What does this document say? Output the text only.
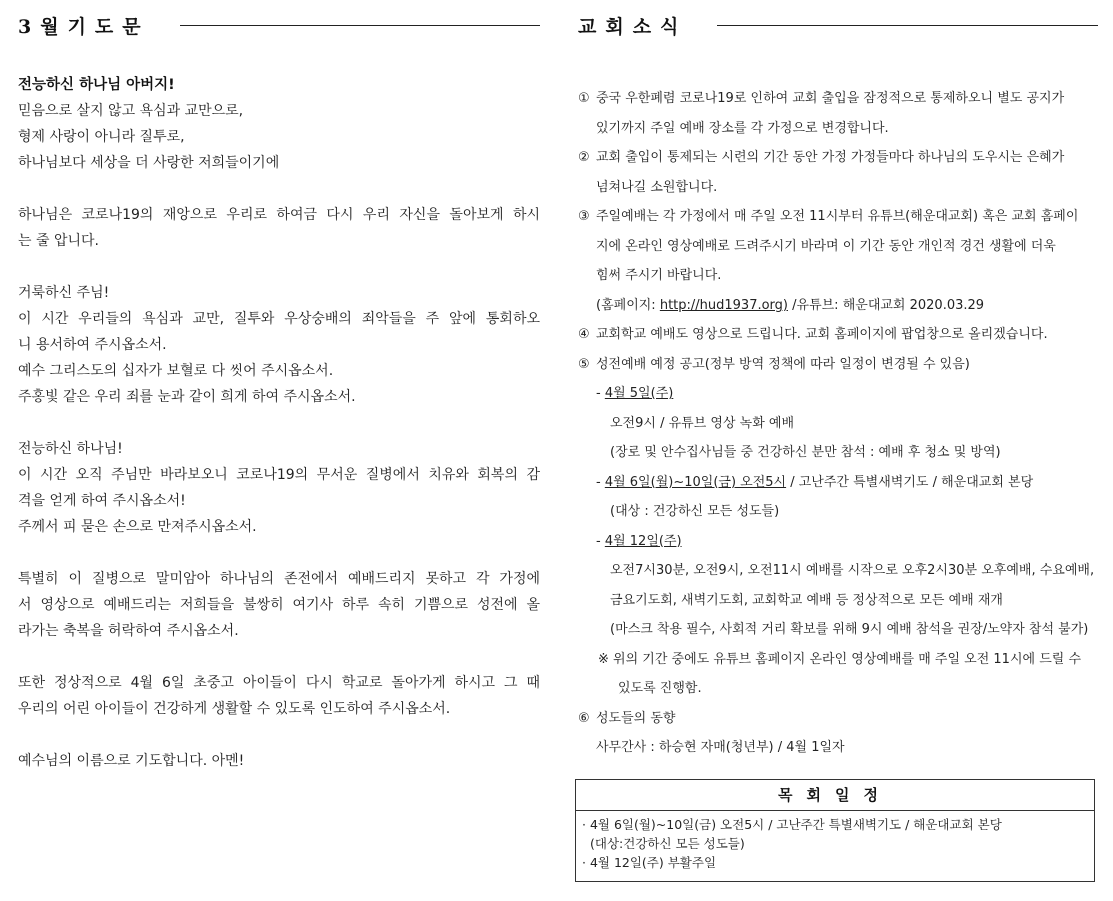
3월기도문
전능하신 하나님 아버지!
믿음으로 살지 않고 욕심과 교만으로,
형제 사랑이 아니라 질투로,
하나님보다 세상을 더 사랑한 저희들이기에
하나님은 코로나19의 재앙으로 우리로 하여금 다시 우리 자신을 돌아보게 하시
는 줄 압니다.
거룩하신 주님!
이 시간 우리들의 욕심과 교만, 질투와 우상숭배의 죄악들을 주 앞에 통회하오
니 용서하여 주시옵소서.
예수 그리스도의 십자가 보혈로 다 씻어 주시옵소서.
주홍빛 같은 우리 죄를 눈과 같이 희게 하여 주시옵소서.
전능하신 하나님!
이 시간 오직 주님만 바라보오니 코로나19의 무서운 질병에서 치유와 회복의 감
격을 얻게 하여 주시옵소서!
주께서 피 묻은 손으로 만져주시옵소서.
특별히 이 질병으로 말미암아 하나님의 존전에서 예배드리지 못하고 각 가정에
서 영상으로 예배드리는 저희들을 불쌍히 여기사 하루 속히 기쁨으로 성전에 올
라가는 축복을 허락하여 주시옵소서.
또한 정상적으로 4월 6일 초중고 아이들이 다시 학교로 돌아가게 하시고 그 때
우리의 어린 아이들이 건강하게 생활할 수 있도록 인도하여 주시옵소서.
예수님의 이름으로 기도합니다. 아멘!
교회소식
① 중국 우한폐렴 코로나19로 인하여 교회 출입을 잠정적으로 통제하오니 별도 공지가
있기까지 주일 예배 장소를 각 가정으로 변경합니다.
② 교회 출입이 통제되는 시련의 기간 동안 가정 가정들마다 하나님의 도우시는 은혜가
넘쳐나길 소원합니다.
③ 주일예배는 각 가정에서 매 주일 오전 11시부터 유튜브(해운대교회) 혹은 교회 홈페이
지에 온라인 영상예배로 드려주시기 바라며 이 기간 동안 개인적 경건 생활에 더욱
힘써 주시기 바랍니다.
(홈페이지: http://hud1937.org) /유튜브: 해운대교회 2020.03.29
④ 교회학교 예배도 영상으로 드립니다. 교회 홈페이지에 팝업창으로 올리겠습니다.
⑤ 성전예배 예정 공고(정부 방역 정책에 따라 일정이 변경될 수 있음)
- 4월 5일(주)
오전9시 / 유튜브 영상 녹화 예배
(장로 및 안수집사님들 중 건강하신 분만 참석 : 예배 후 청소 및 방역)
- 4월 6일(월)~10일(금) 오전5시 / 고난주간 특별새벽기도 / 해운대교회 본당
(대상 : 건강하신 모든 성도들)
- 4월 12일(주)
오전7시30분, 오전9시, 오전11시 예배를 시작으로 오후2시30분 오후예배, 수요예배,
금요기도회, 새벽기도회, 교회학교 예배 등 정상적으로 모든 예배 재개
(마스크 착용 필수, 사회적 거리 확보를 위해 9시 예배 참석을 권장/노약자 참석 불가)
※ 위의 기간 중에도 유튜브 홈페이지 온라인 영상예배를 매 주일 오전 11시에 드릴 수
있도록 진행함.
⑥ 성도들의 동향
사무간사 : 하승현 자매(청년부) / 4월 1일자
목회일정
· 4월 6일(월)~10일(금) 오전5시 / 고난주간 특별새벽기도 / 해운대교회 본당
(대상:건강하신 모든 성도들)
· 4월 12일(주) 부활주일
